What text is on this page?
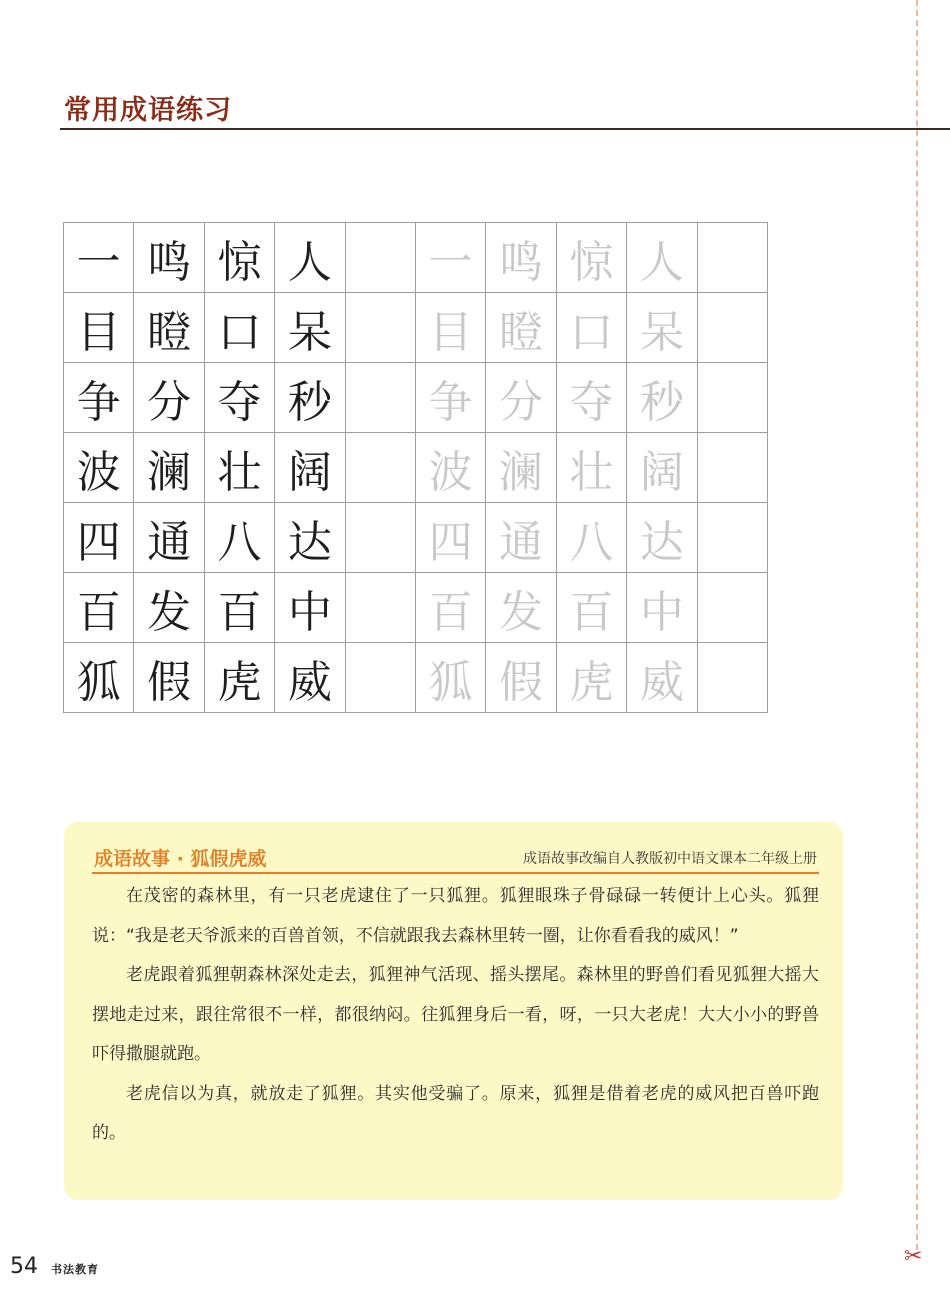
常用成语练习
✂
一 鸣 惊 人	一 鸣 惊 人
目 瞪 口 呆	目 瞪 口 呆
争 分 夺 秒	争 分 夺 秒
波 澜 壮 阔	波 澜 壮 阔
四 通 八 达	四 通 八 达
百 发 百 中	百 发 百 中
狐 假 虎 威	狐 假 虎 威
成语故事 · 狐假虎威	成语故事改编自人教版初中语文课本二年级上册

在茂密的森林里，有一只老虎逮住了一只狐狸。狐狸眼珠子骨碌碌一转便计上心头。狐狸说：“我是老天爷派来的百兽首领，不信就跟我去森林里转一圈，让你看看我的威风！”

老虎跟着狐狸朝森林深处走去，狐狸神气活现、摇头摆尾。森林里的野兽们看见狐狸大摇大摆地走过来，跟往常很不一样，都很纳闷。往狐狸身后一看，呀，一只大老虎！大大小小的野兽吓得撒腿就跑。

老虎信以为真，就放走了狐狸。其实他受骗了。原来，狐狸是借着老虎的威风把百兽吓跑的。

54 书法教育
